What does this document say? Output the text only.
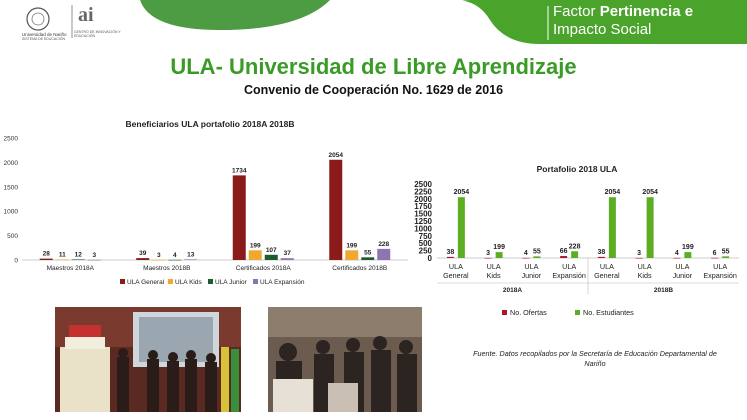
Universidad de Nariño
SISTEMA DE EDUCACIÓN
ai
CENTRO DE INNOVACIÓN Y EDUCACIÓN
Factor Pertinencia e
Impacto Social
ULA- Universidad de Libre Aprendizaje
Convenio de Cooperación No. 1629 de 2016
Beneficiarios ULA portafolio 2018A 2018B
0
500
1000
1500
2000
2500
28 11 12 3
Maestros 2018A
39 3 4 13
Maestros 2018B
1734
199
107 37
Certificados 2018A
2054
199
55
228
Certificados 2018B
ULA General ULA Kids ULA Junior ULA Expansión
Portafolio 2018 ULA
0
250
500
750
1000
1250
1500
1750
2000
2250
2500
38
2054
ULA
General
3
199
ULA
Kids
4 55
ULA
Junior
66
228
ULA
Expansión
38
2054
ULA
General
3
2054
ULA
Kids
4
199
ULA
Junior
6 55
ULA
Expansión
2018A	2018B
No. Ofertas	No. Estudiantes
Fuente. Datos recopilados por la Secretaría de Educación Departamental de Nariño
